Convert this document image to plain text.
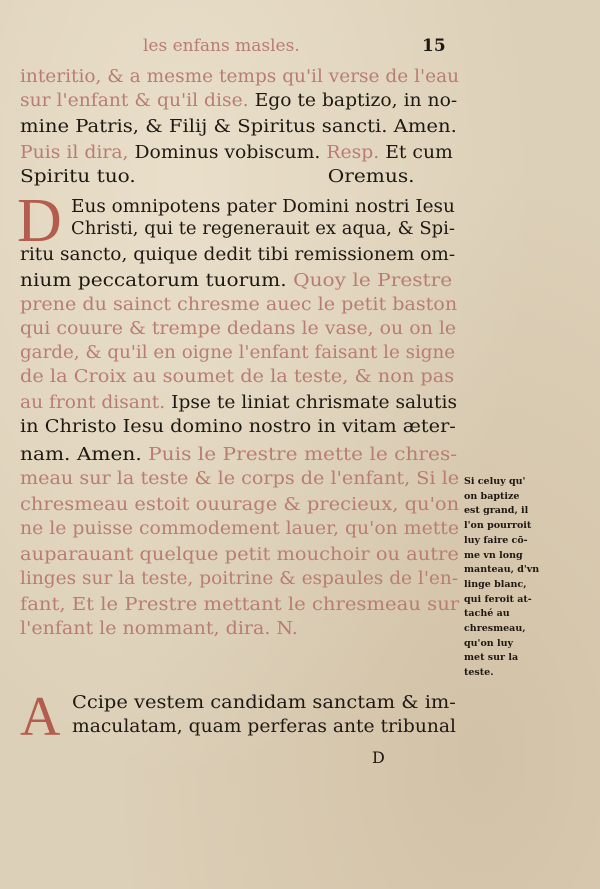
les enfans masles.	15
interitio, & a mesme temps qu'il verse de l'eau
sur l'enfant & qu'il dise. Ego te baptizo, in no-
mine Patris, & Filij & Spiritus sancti. Amen.
Puis il dira, Dominus vobiscum. Resp. Et cum
Spiritu tuo.                              Oremus.
Eus omnipotens pater Domini nostri Iesu
Christi, qui te regenerauit ex aqua, & Spi-
ritu sancto, quique dedit tibi remissionem om-
nium peccatorum tuorum. Quoy le Prestre
prene du sainct chresme auec le petit baston
qui couure & trempe dedans le vase, ou on le
garde, & qu'il en oigne l'enfant faisant le signe
de la Croix au soumet de la teste, & non pas
au front disant. Ipse te liniat chrismate salutis
in Christo Iesu domino nostro in vitam æter-
nam. Amen. Puis le Prestre mette le chres-
meau sur la teste & le corps de l'enfant, Si le
chresmeau estoit ouurage & precieux, qu'on
ne le puisse commodement lauer, qu'on mette
auparauant quelque petit mouchoir ou autre
linges sur la teste, poitrine & espaules de l'en-
fant, Et le Prestre mettant le chresmeau sur
l'enfant le nommant, dira. N.
Ccipe vestem candidam sanctam & im-
maculatam, quam perferas ante tribunal
D
A
Si celuy qu'
on baptize
est grand, il
l'on pourroit
luy faire cō-
me vn long
manteau, d'vn
linge blanc,
qui feroit at-
taché au
chresmeau,
qu'on luy
met sur la
teste.
D
